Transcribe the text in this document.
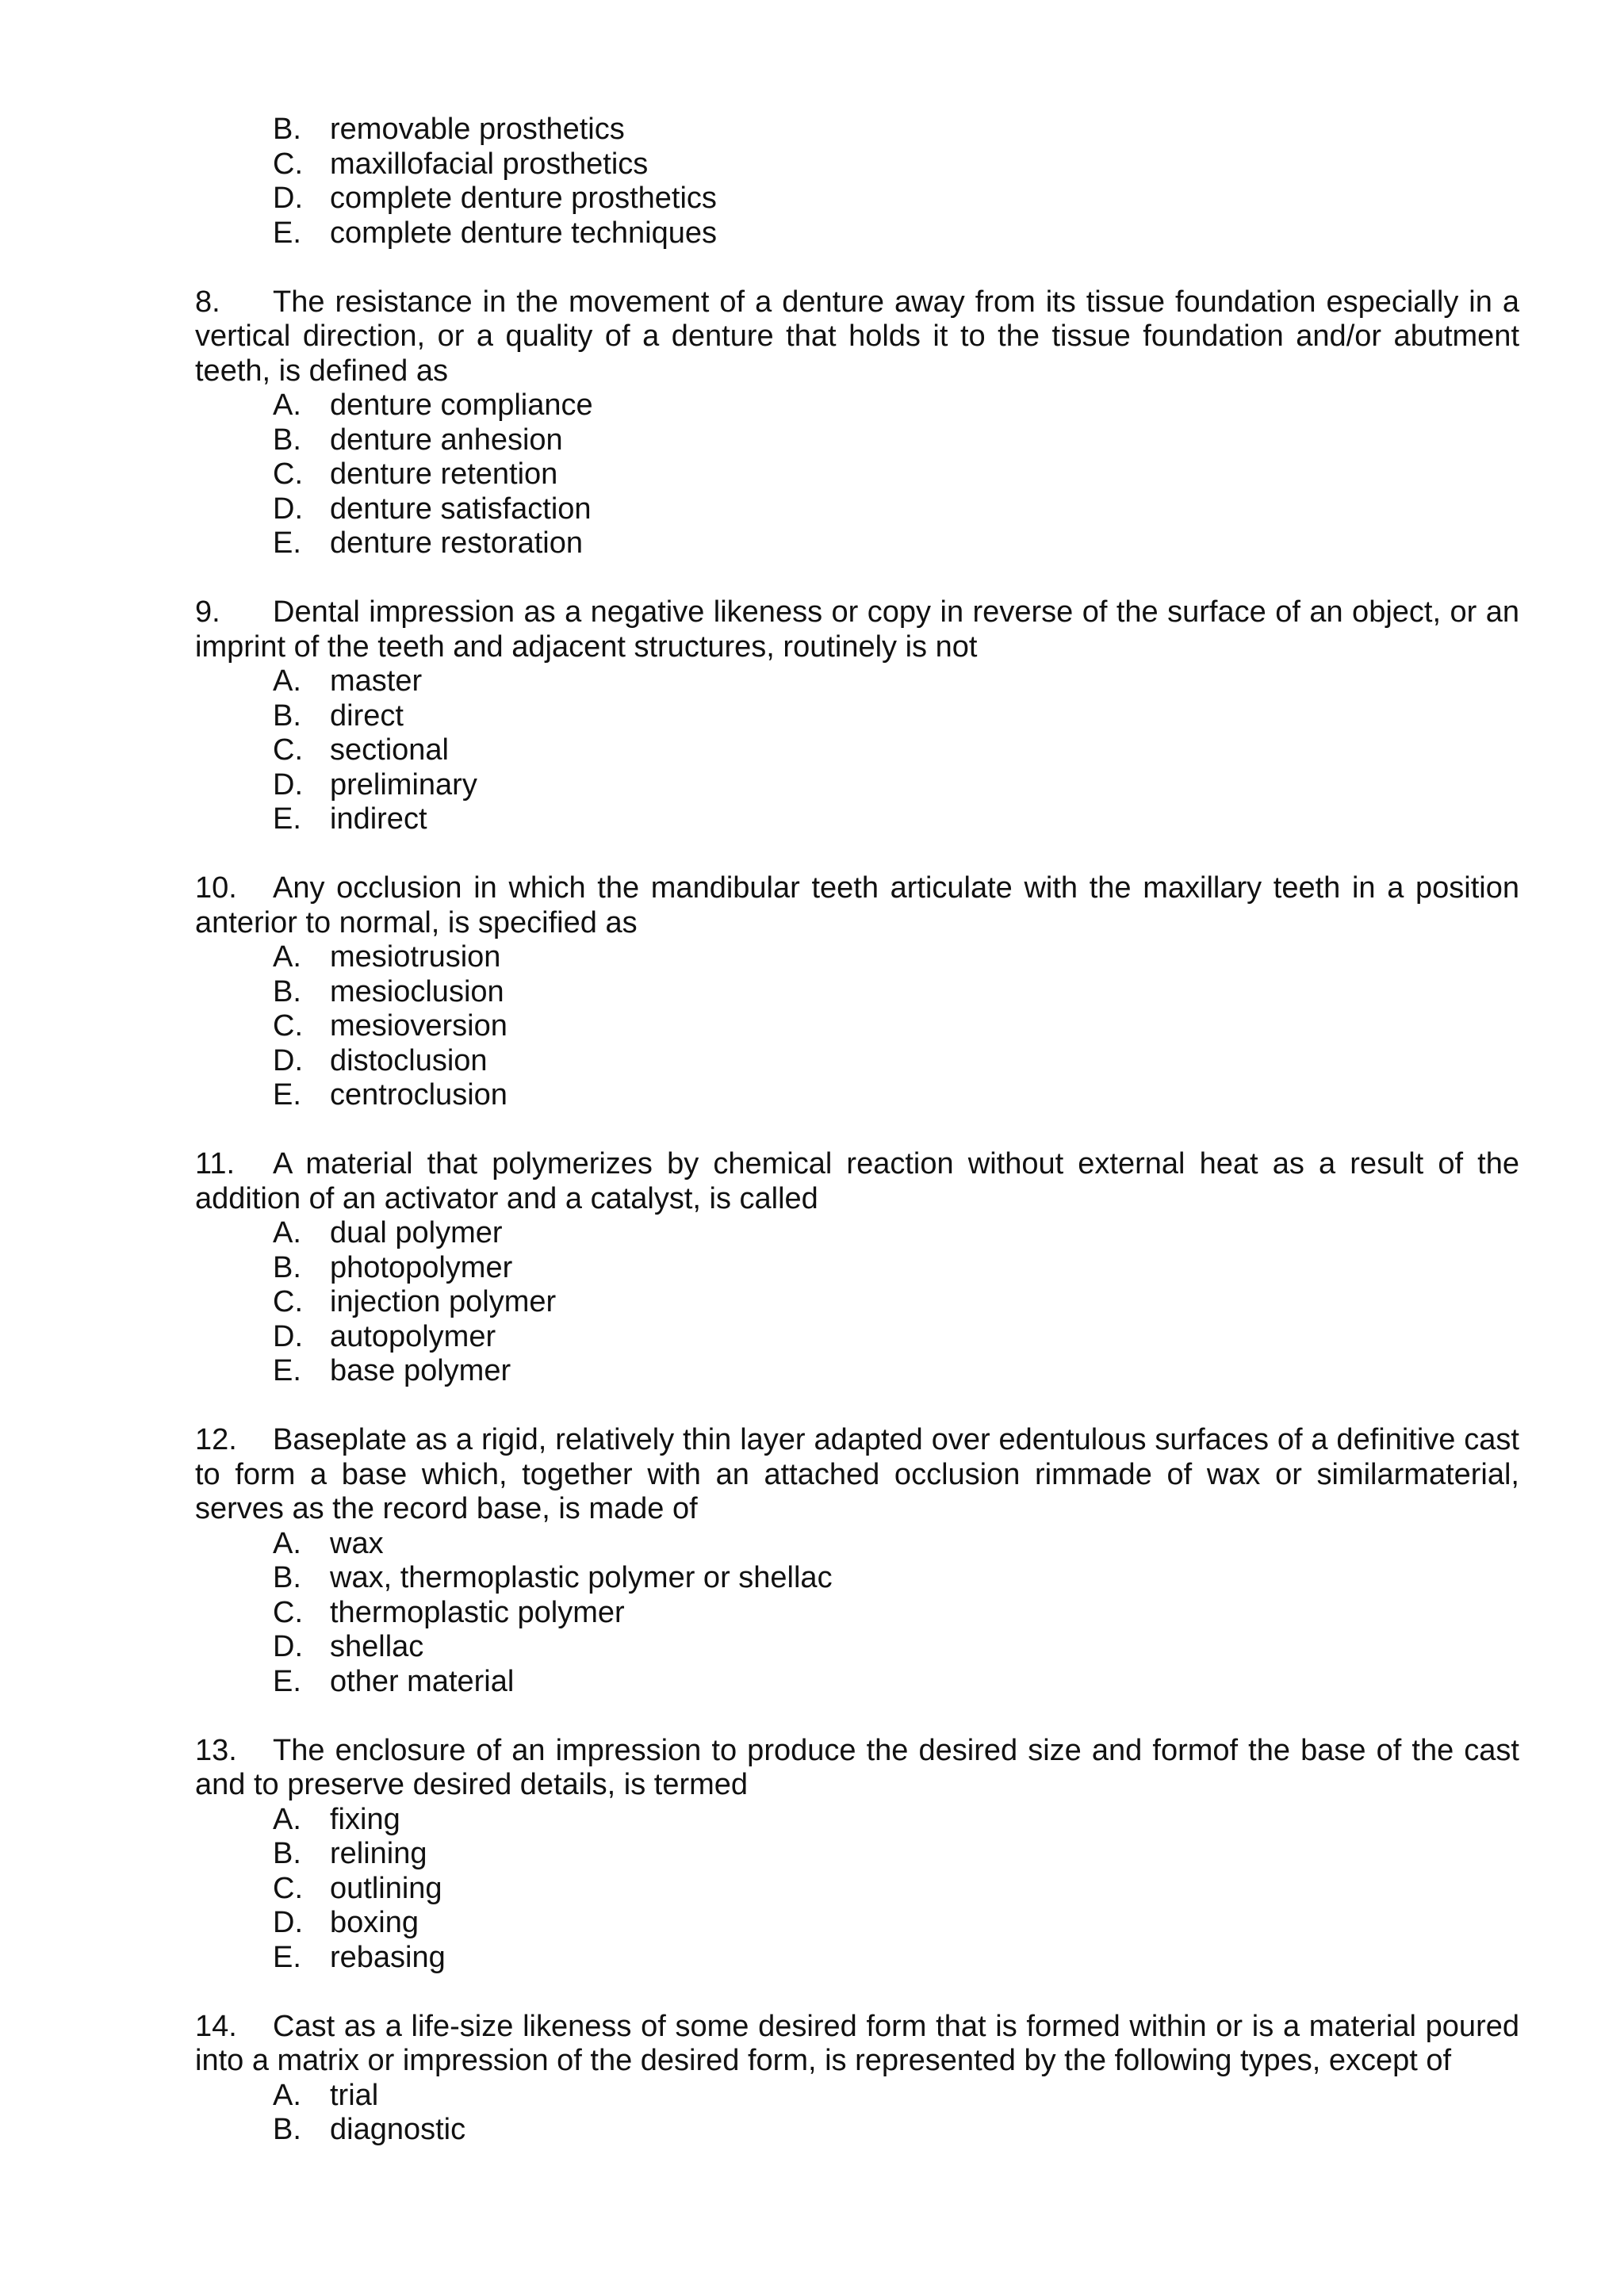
B. removable prosthetics
C. maxillofacial prosthetics
D. complete denture prosthetics
E. complete denture techniques

8. The resistance in the movement of a denture away from its tissue foundation especially in a vertical direction, or a quality of a denture that holds it to the tissue foundation and/or abutment teeth, is defined as

A. denture compliance
B. denture anhesion
C. denture retention
D. denture satisfaction
E. denture restoration

9. Dental impression as a negative likeness or copy in reverse of the surface of an object, or an imprint of the teeth and adjacent structures, routinely is not

A. master
B. direct
C. sectional
D. preliminary
E. indirect

10. Any occlusion in which the mandibular teeth articulate with the maxillary teeth in a position anterior to normal, is specified as

A. mesiotrusion
B. mesioclusion
C. mesioversion
D. distoclusion
E. centroclusion

11. A material that polymerizes by chemical reaction without external heat as a result of the addition of an activator and a catalyst, is called

A. dual polymer
B. photopolymer
C. injection polymer
D. autopolymer
E. base polymer

12. Baseplate as a rigid, relatively thin layer adapted over edentulous surfaces of a definitive cast to form a base which, together with an attached occlusion rimmade of wax or similarmaterial, serves as the record base, is made of

A. wax
B. wax, thermoplastic polymer or shellac
C. thermoplastic polymer
D. shellac
E. other material

13. The enclosure of an impression to produce the desired size and formof the base of the cast and to preserve desired details, is termed

A. fixing
B. relining
C. outlining
D. boxing
E. rebasing

14. Cast as a life-size likeness of some desired form that is formed within or is a material poured into a matrix or impression of the desired form, is represented by the following types, except of

A. trial
B. diagnostic
